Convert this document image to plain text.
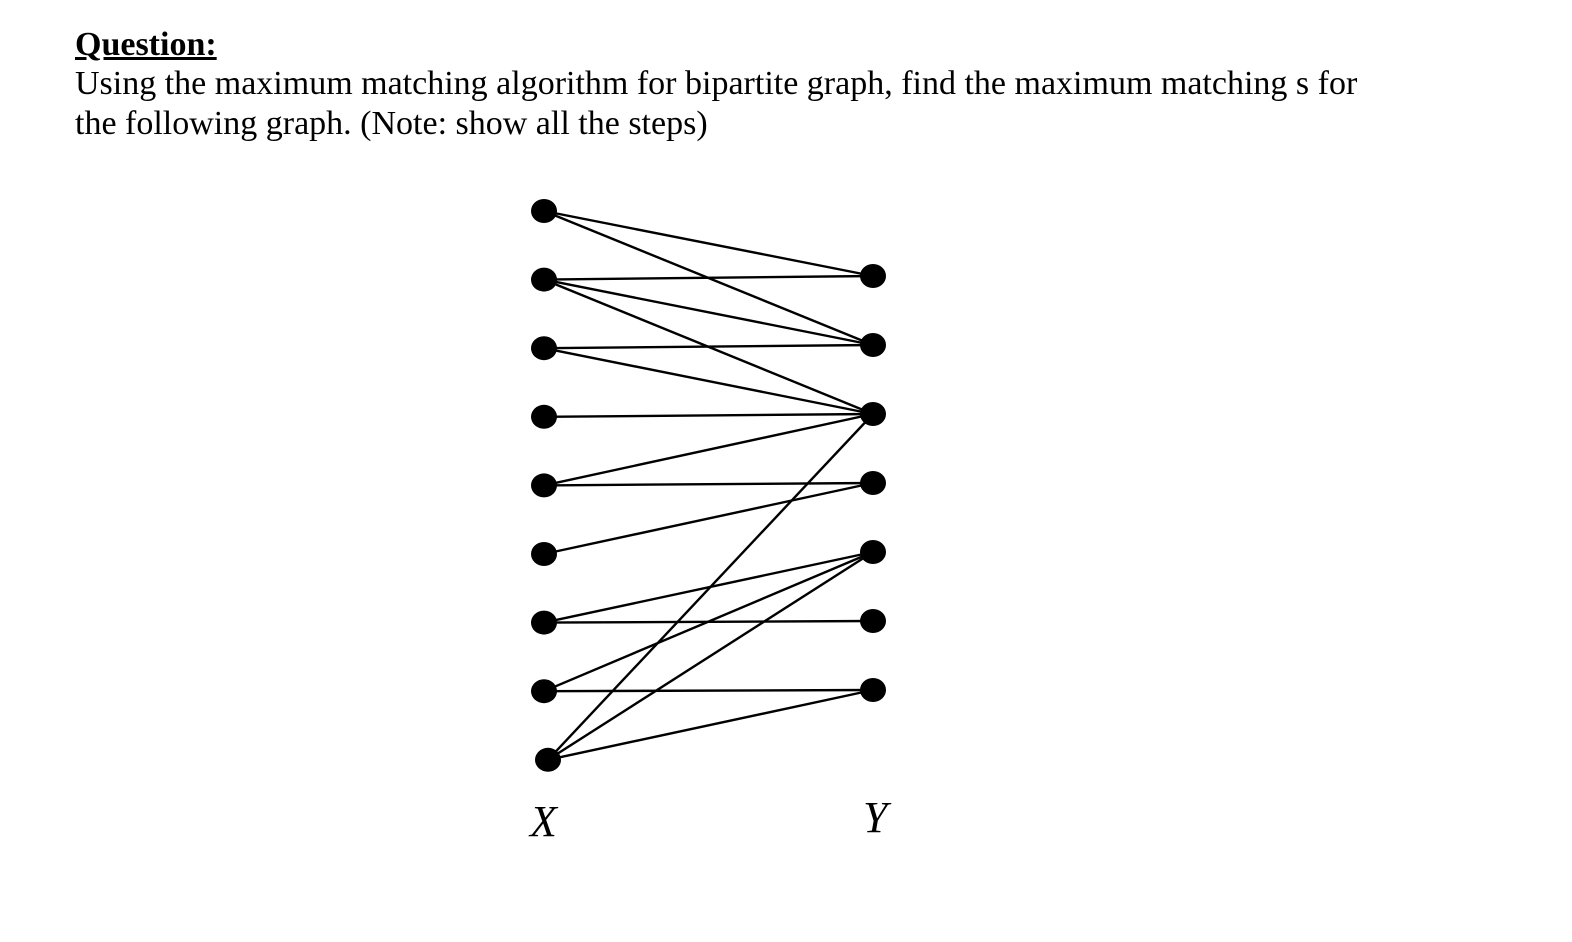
Question:

Using the maximum matching algorithm for bipartite graph, find the maximum matching s for

the following graph. (Note: show all the steps)

X	Y
